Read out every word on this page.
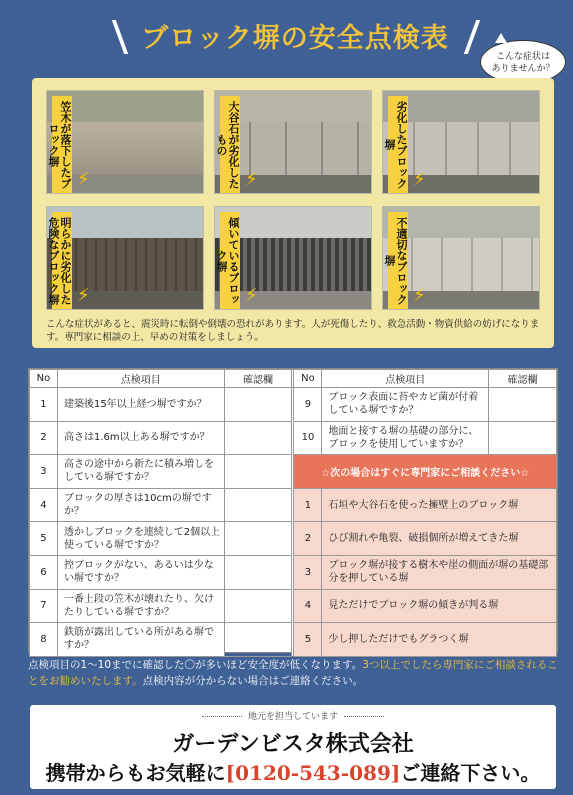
ブロック塀の安全点検表
こんな症状は
ありませんか？
笠木が落下したブロック塀
⚡	大谷石が劣化したもの
⚡	劣化したブロック塀
⚡
明らかに劣化した危険なブロック塀 ⚡	傾いているブロック塀
⚡	不適切なブロック塀
⚡
こんな症状があると、震災時に転倒や倒壊の恐れがあります。人が死傷したり、救急活動・物資供給の妨げになります。専門家に相談の上、早めの対策をしましょう。
No	点検項目	確認欄		No	点検項目	確認欄
1	建築後15年以上経つ塀ですか？			9	ブロック表面に苔やカビ菌が付着している塀ですか？	
2	高さは1.6m以上ある塀ですか？			10	地面と接する塀の基礎の部分に、ブロックを使用していますか？	
3	高さの途中から新たに積み増しをしている塀ですか？			☆次の場合はすぐに専門家にご相談ください☆		
4	ブロックの厚さは10cmの塀ですか？			1	石垣や大谷石を使った擁壁上のブロック塀	
5	透かしブロックを連続して2個以上使っている塀ですか？			2	ひび割れや亀裂、破損個所が増えてきた塀	
6	控ブロックがない、あるいは少ない塀ですか？			3	ブロック塀が接する樹木や崖の側面が塀の基礎部分を押している塀	
7	一番上段の笠木が壊れたり、欠けたりしている塀ですか？			4	見ただけでブロック塀の傾きが判る塀	
8	鉄筋が露出している所がある塀ですか？			5	少し押しただけでもグラつく塀	
点検項目の1～10までに確認した〇が多いほど安全度が低くなります。3つ以上でしたら専門家にご相談されることをお勧めいたします。点検内容が分からない場合はご連絡ください。
地元を担当しています
ガーデンビスタ株式会社
携帯からもお気軽に[0120-543-089]ご連絡下さい。
